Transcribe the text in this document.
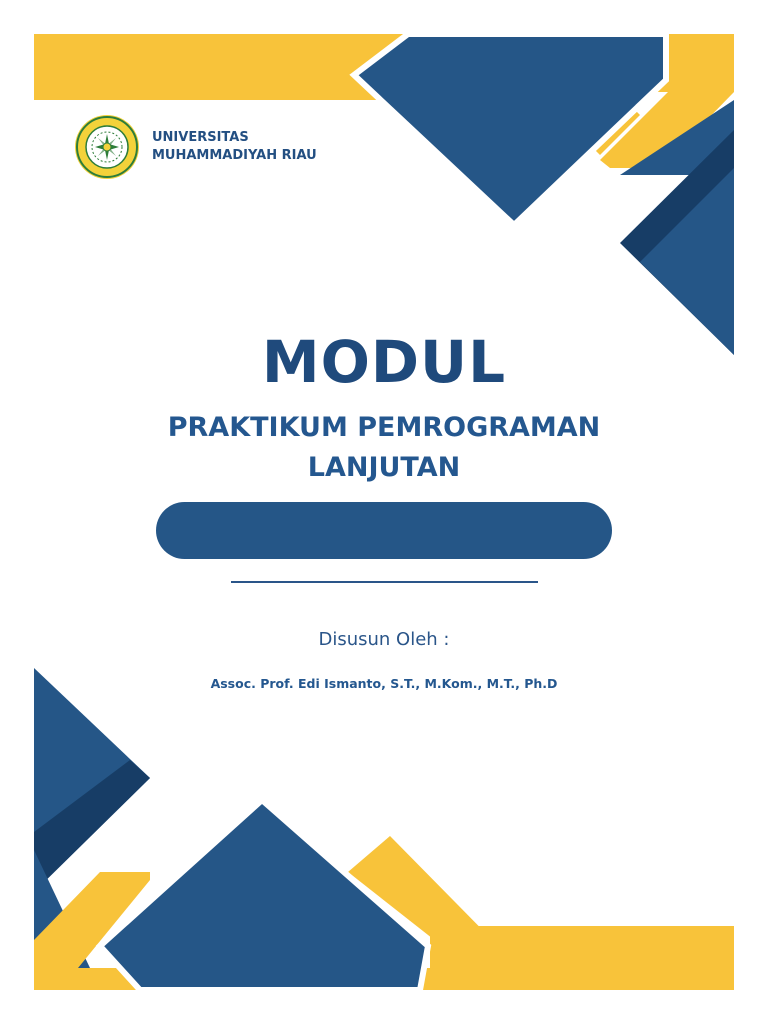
UNIVERSITAS
MUHAMMADIYAH RIAU
MODUL
PRAKTIKUM PEMROGRAMAN
LANJUTAN
Disusun Oleh :
Assoc. Prof. Edi Ismanto, S.T., M.Kom., M.T., Ph.D
